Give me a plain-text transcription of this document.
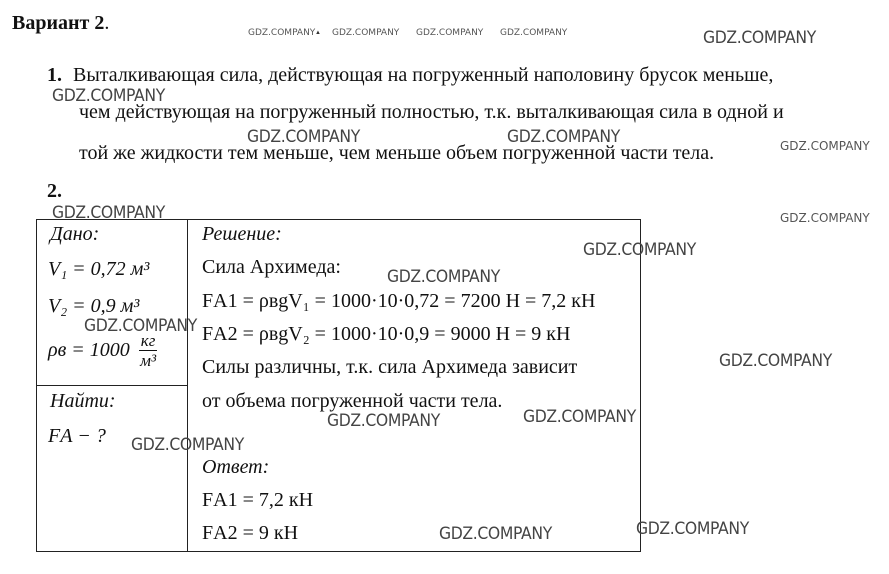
Вариант 2.
1. Выталкивающая сила, действующая на погруженный наполовину брусок меньше,
чем действующая на погруженный полностью, т.к. выталкивающая сила в одной и
той же жидкости тем меньше, чем меньше объем погруженной части тела.
2.
Дано:
V₁ = 0,72 м³
V₂ = 0,9 м³
$\rho в = 1000 \frac{кг}{\text{м³}}$
Найти:
FА − ?
Решение:
Сила Архимеда:
FА1 = ρвgV₁ = 1000·10·0,72 = 7200 Н = 7,2 кН
FА2 = ρвgV₂ = 1000·10·0,9 = 9000 Н = 9 кН
Силы различны, т.к. сила Архимеда зависит
от объема погруженной части тела.
Ответ:
FА1 = 7,2 кН
FА2 = 9 кН
GDZ.COMPANY ▲ GDZ.COMPANY GDZ.COMPANY GDZ.COMPANY	GDZ.COMPANY
GDZ.COMPANY
GDZ.COMPANY	GDZ.COMPANY	GDZ.COMPANY
GDZ.COMPANY	GDZ.COMPANY
GDZ.COMPANY
GDZ.COMPANY
GDZ.COMPANY
GDZ.COMPANY
GDZ.COMPANY
GDZ.COMPANY
GDZ.COMPANY
GDZ.COMPANY
GDZ.COMPANY
